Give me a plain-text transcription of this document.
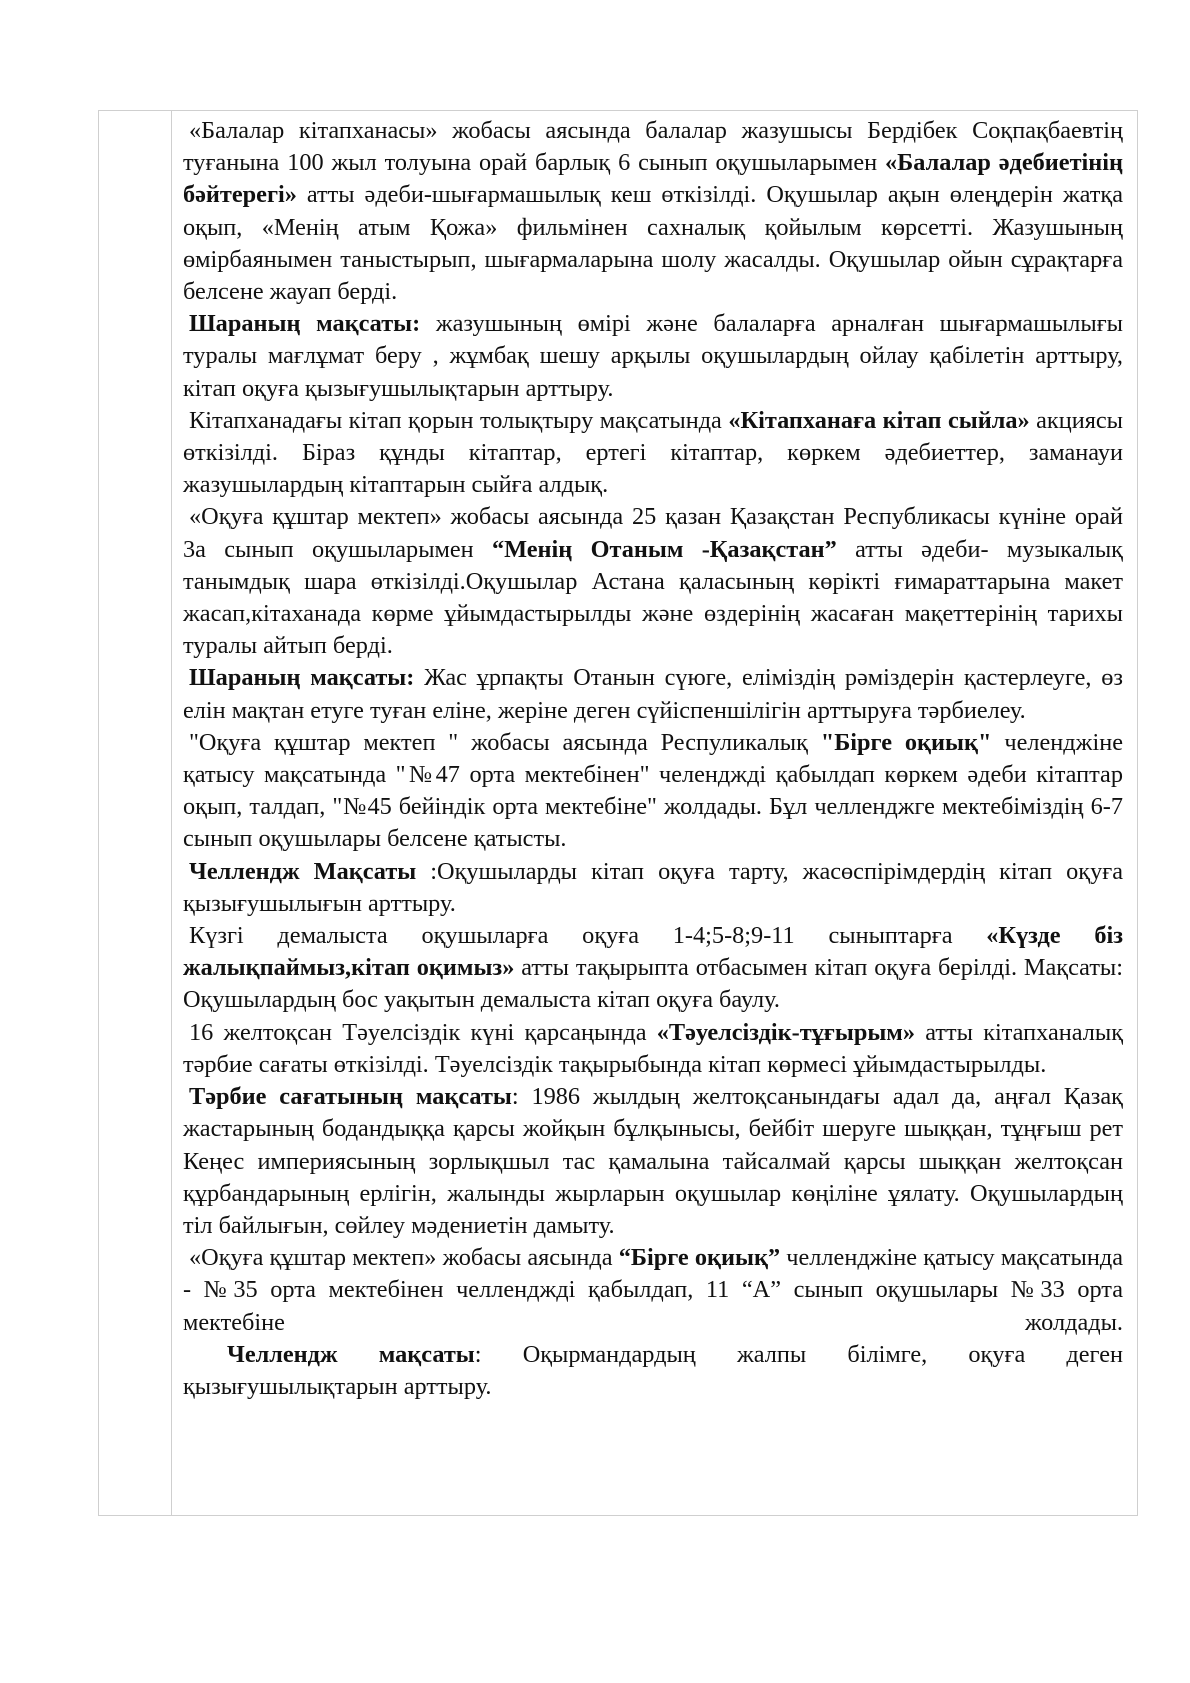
«Балалар кітапханасы» жобасы аясында балалар жазушысы Бердібек Соқпақбаевтің туғанына 100 жыл толуына орай барлық 6 сынып оқушыларымен «Балалар әдебиетінің бәйтерегі» атты әдеби-шығармашылық кеш өткізілді. Оқушылар ақын өлеңдерін жатқа оқып, «Менің атым Қожа» фильмінен сахналық қойылым көрсетті. Жазушының өмірбаянымен таныстырып, шығармаларына шолу жасалды. Оқушылар ойын сұрақтарға белсене жауап берді.

Шараның мақсаты: жазушының өмірі және балаларға арналған шығармашылығы туралы мағлұмат беру , жұмбақ шешу арқылы оқушылардың ойлау қабілетін арттыру, кітап оқуға қызығушылықтарын арттыру.

Кітапханадағы кітап қорын толықтыру мақсатында «Кітапханаға кітап сыйла» акциясы өткізілді. Біраз құнды кітаптар, ертегі кітаптар, көркем әдебиеттер, заманауи жазушылардың кітаптарын сыйға алдық.

«Оқуға құштар мектеп» жобасы аясында 25 қазан Қазақстан Республикасы күніне орай 3а сынып оқушыларымен “Менің Отаным -Қазақстан” атты әдеби- музыкалық танымдық шара өткізілді.Оқушылар Астана қаласының көрікті ғимараттарына макет жасап,кітаханада көрме ұйымдастырылды және өздерінің жасаған мақеттерінің тарихы туралы айтып берді.

Шараның мақсаты: Жас ұрпақты Отанын сүюге, еліміздің рәміздерін қастерлеуге, өз елін мақтан етуге туған еліне, жеріне деген сүйіспеншілігін арттыруға тәрбиелеу.

"Оқуға құштар мектеп " жобасы аясында Респуликалық "Бірге оқиық" челенджіне қатысу мақсатында "№47 орта мектебінен" челенджді қабылдап көркем әдеби кітаптар оқып, талдап, "№45 бейіндік орта мектебіне" жолдады. Бұл челленджге мектебіміздің 6-7 сынып оқушылары белсене қатысты.

Челлендж Мақсаты :Оқушыларды кітап оқуға тарту, жасөспірімдердің кітап оқуға қызығушылығын арттыру.

Күзгі демалыста оқушыларға оқуға 1-4;5-8;9-11 сыныптарға «Күзде біз жалықпаймыз,кітап оқимыз» атты тақырыпта отбасымен кітап оқуға берілді. Мақсаты: Оқушылардың бос уақытын демалыста кітап оқуға баулу.

16 желтоқсан Тәуелсіздік күні қарсаңында «Тәуелсіздік-тұғырым» атты кітапханалық тәрбие сағаты өткізілді. Тәуелсіздік тақырыбында кітап көрмесі ұйымдастырылды.

Тәрбие сағатының мақсаты: 1986 жылдың желтоқсанындағы адал да, аңғал Қазақ жастарының бодандыққа қарсы жойқын бұлқынысы, бейбіт шеруге шыққан, тұңғыш рет Кеңес империясының зорлықшыл тас қамалына тайсалмай қарсы шыққан желтоқсан құрбандарының ерлігін, жалынды жырларын оқушылар көңіліне ұялату. Оқушылардың тіл байлығын, сөйлеу мәдениетін дамыту.

«Оқуға құштар мектеп» жобасы аясында “Бірге оқиық” челленджіне қатысу мақсатында - №35 орта мектебінен челленджді қабылдап, 11 “А” сынып оқушылары №33 орта мектебіне жолдады.

Челлендж мақсаты: Оқырмандардың жалпы білімге, оқуға деген қызығушылықтарын арттыру.
